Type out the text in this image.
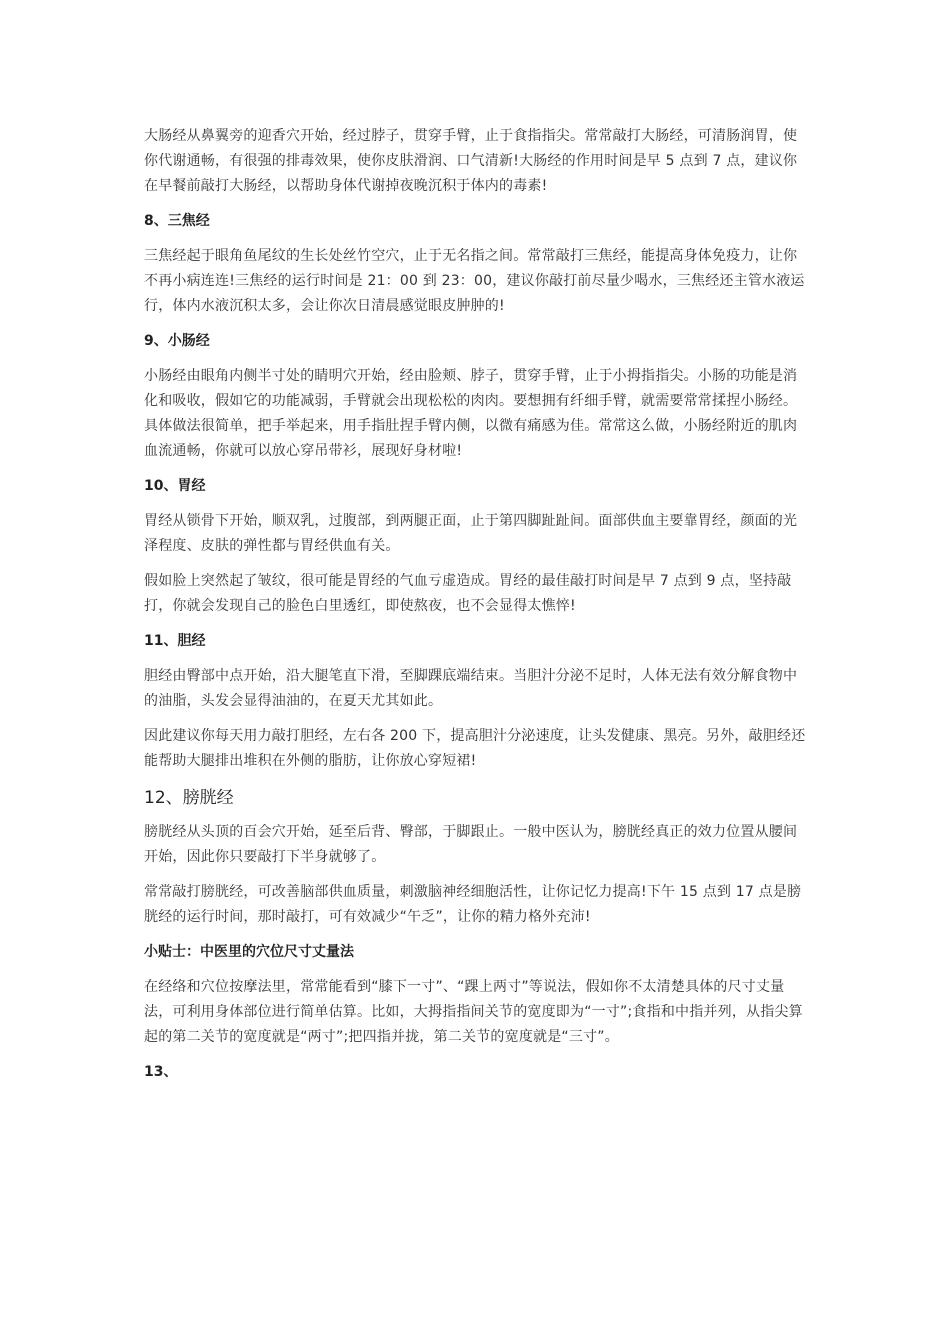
大肠经从鼻翼旁的迎香穴开始，经过脖子，贯穿手臂，止于食指指尖。常常敲打大肠经，可清肠润胃，使你代谢通畅，有很强的排毒效果，使你皮肤滑润、口气清新!大肠经的作用时间是早 5 点到 7 点，建议你在早餐前敲打大肠经，以帮助身体代谢掉夜晚沉积于体内的毒素!

8、三焦经

三焦经起于眼角鱼尾纹的生长处丝竹空穴，止于无名指之间。常常敲打三焦经，能提高身体免疫力，让你不再小病连连!三焦经的运行时间是 21：00 到 23：00，建议你敲打前尽量少喝水，三焦经还主管水液运行，体内水液沉积太多，会让你次日清晨感觉眼皮肿肿的!

9、小肠经

小肠经由眼角内侧半寸处的睛明穴开始，经由脸颊、脖子，贯穿手臂，止于小拇指指尖。小肠的功能是消化和吸收，假如它的功能减弱，手臂就会出现松松的肉肉。要想拥有纤细手臂，就需要常常揉捏小肠经。具体做法很简单，把手举起来，用手指肚捏手臂内侧，以微有痛感为佳。常常这么做，小肠经附近的肌肉血流通畅，你就可以放心穿吊带衫，展现好身材啦!

10、胃经

胃经从锁骨下开始，顺双乳，过腹部，到两腿正面，止于第四脚趾趾间。面部供血主要靠胃经，颜面的光泽程度、皮肤的弹性都与胃经供血有关。

假如脸上突然起了皱纹，很可能是胃经的气血亏虚造成。胃经的最佳敲打时间是早 7 点到 9 点，坚持敲打，你就会发现自己的脸色白里透红，即使熬夜，也不会显得太憔悴!

11、胆经

胆经由臀部中点开始，沿大腿笔直下滑，至脚踝底端结束。当胆汁分泌不足时，人体无法有效分解食物中的油脂，头发会显得油油的，在夏天尤其如此。

因此建议你每天用力敲打胆经，左右各 200 下，提高胆汁分泌速度，让头发健康、黑亮。另外，敲胆经还能帮助大腿排出堆积在外侧的脂肪，让你放心穿短裙!

12、膀胱经

膀胱经从头顶的百会穴开始，延至后背、臀部，于脚跟止。一般中医认为，膀胱经真正的效力位置从腰间开始，因此你只要敲打下半身就够了。

常常敲打膀胱经，可改善脑部供血质量，刺激脑神经细胞活性，让你记忆力提高!下午 15 点到 17 点是膀胱经的运行时间，那时敲打，可有效减少“午乏”，让你的精力格外充沛!

小贴士：中医里的穴位尺寸丈量法

在经络和穴位按摩法里，常常能看到“膝下一寸”、“踝上两寸”等说法，假如你不太清楚具体的尺寸丈量法，可利用身体部位进行简单估算。比如，大拇指指间关节的宽度即为“一寸”;食指和中指并列，从指尖算起的第二关节的宽度就是“两寸”;把四指并拢，第二关节的宽度就是“三寸”。

13、
